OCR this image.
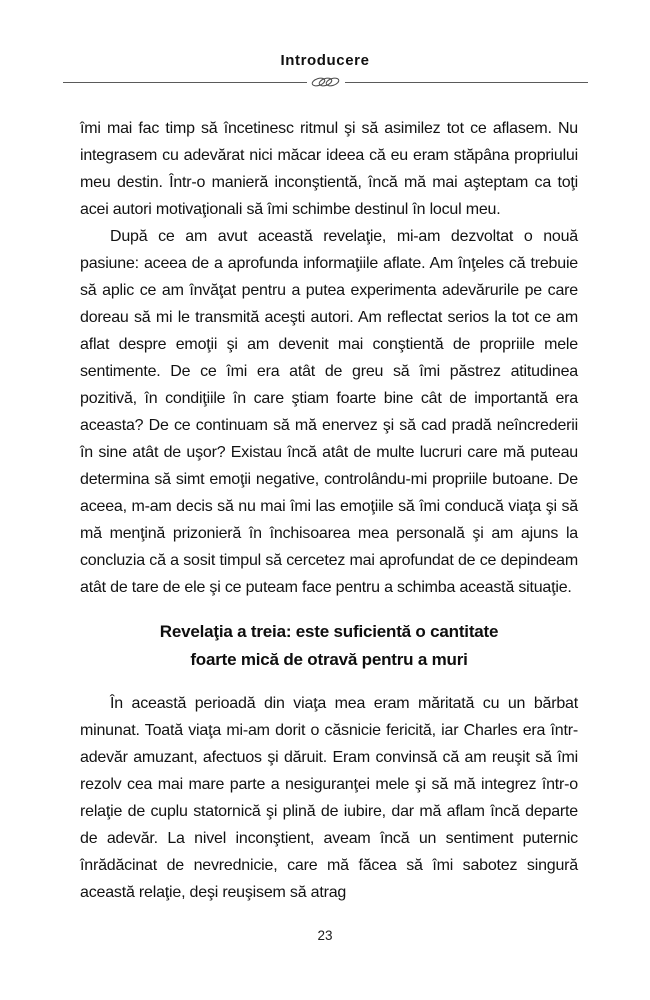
Introducere

îmi mai fac timp să încetinesc ritmul şi să asimilez tot ce aflasem. Nu integrasem cu adevărat nici măcar ideea că eu eram stăpâna propriului meu destin. Într-o manieră inconştientă, încă mă mai aşteptam ca toţi acei autori motivaţionali să îmi schimbe destinul în locul meu.

După ce am avut această revelaţie, mi-am dezvoltat o nouă pasiune: aceea de a aprofunda informaţiile aflate. Am înţeles că trebuie să aplic ce am învăţat pentru a putea experimenta adevărurile pe care doreau să mi le transmită aceşti autori. Am reflectat serios la tot ce am aflat despre emoţii şi am devenit mai conştientă de propriile mele sentimente. De ce îmi era atât de greu să îmi păstrez atitudinea pozitivă, în condiţiile în care ştiam foarte bine cât de importantă era aceasta? De ce continuam să mă enervez şi să cad pradă neîncrederii în sine atât de uşor? Existau încă atât de multe lucruri care mă puteau determina să simt emoţii negative, controlându-mi propriile butoane. De aceea, m-am decis să nu mai îmi las emoţiile să îmi conducă viaţa şi să mă menţină prizonieră în închisoarea mea personală şi am ajuns la concluzia că a sosit timpul să cercetez mai aprofundat de ce depindeam atât de tare de ele şi ce puteam face pentru a schimba această situaţie.

Revelaţia a treia: este suficientă o cantitate
foarte mică de otravă pentru a muri

În această perioadă din viaţa mea eram măritată cu un bărbat minunat. Toată viaţa mi-am dorit o căsnicie fericită, iar Charles era într-adevăr amuzant, afectuos şi dăruit. Eram convinsă că am reuşit să îmi rezolv cea mai mare parte a nesiguranţei mele şi să mă integrez într-o relaţie de cuplu statornică şi plină de iubire, dar mă aflam încă departe de adevăr. La nivel inconştient, aveam încă un sentiment puternic înrădăcinat de nevrednicie, care mă făcea să îmi sabotez singură această relaţie, deşi reuşisem să atrag

23
